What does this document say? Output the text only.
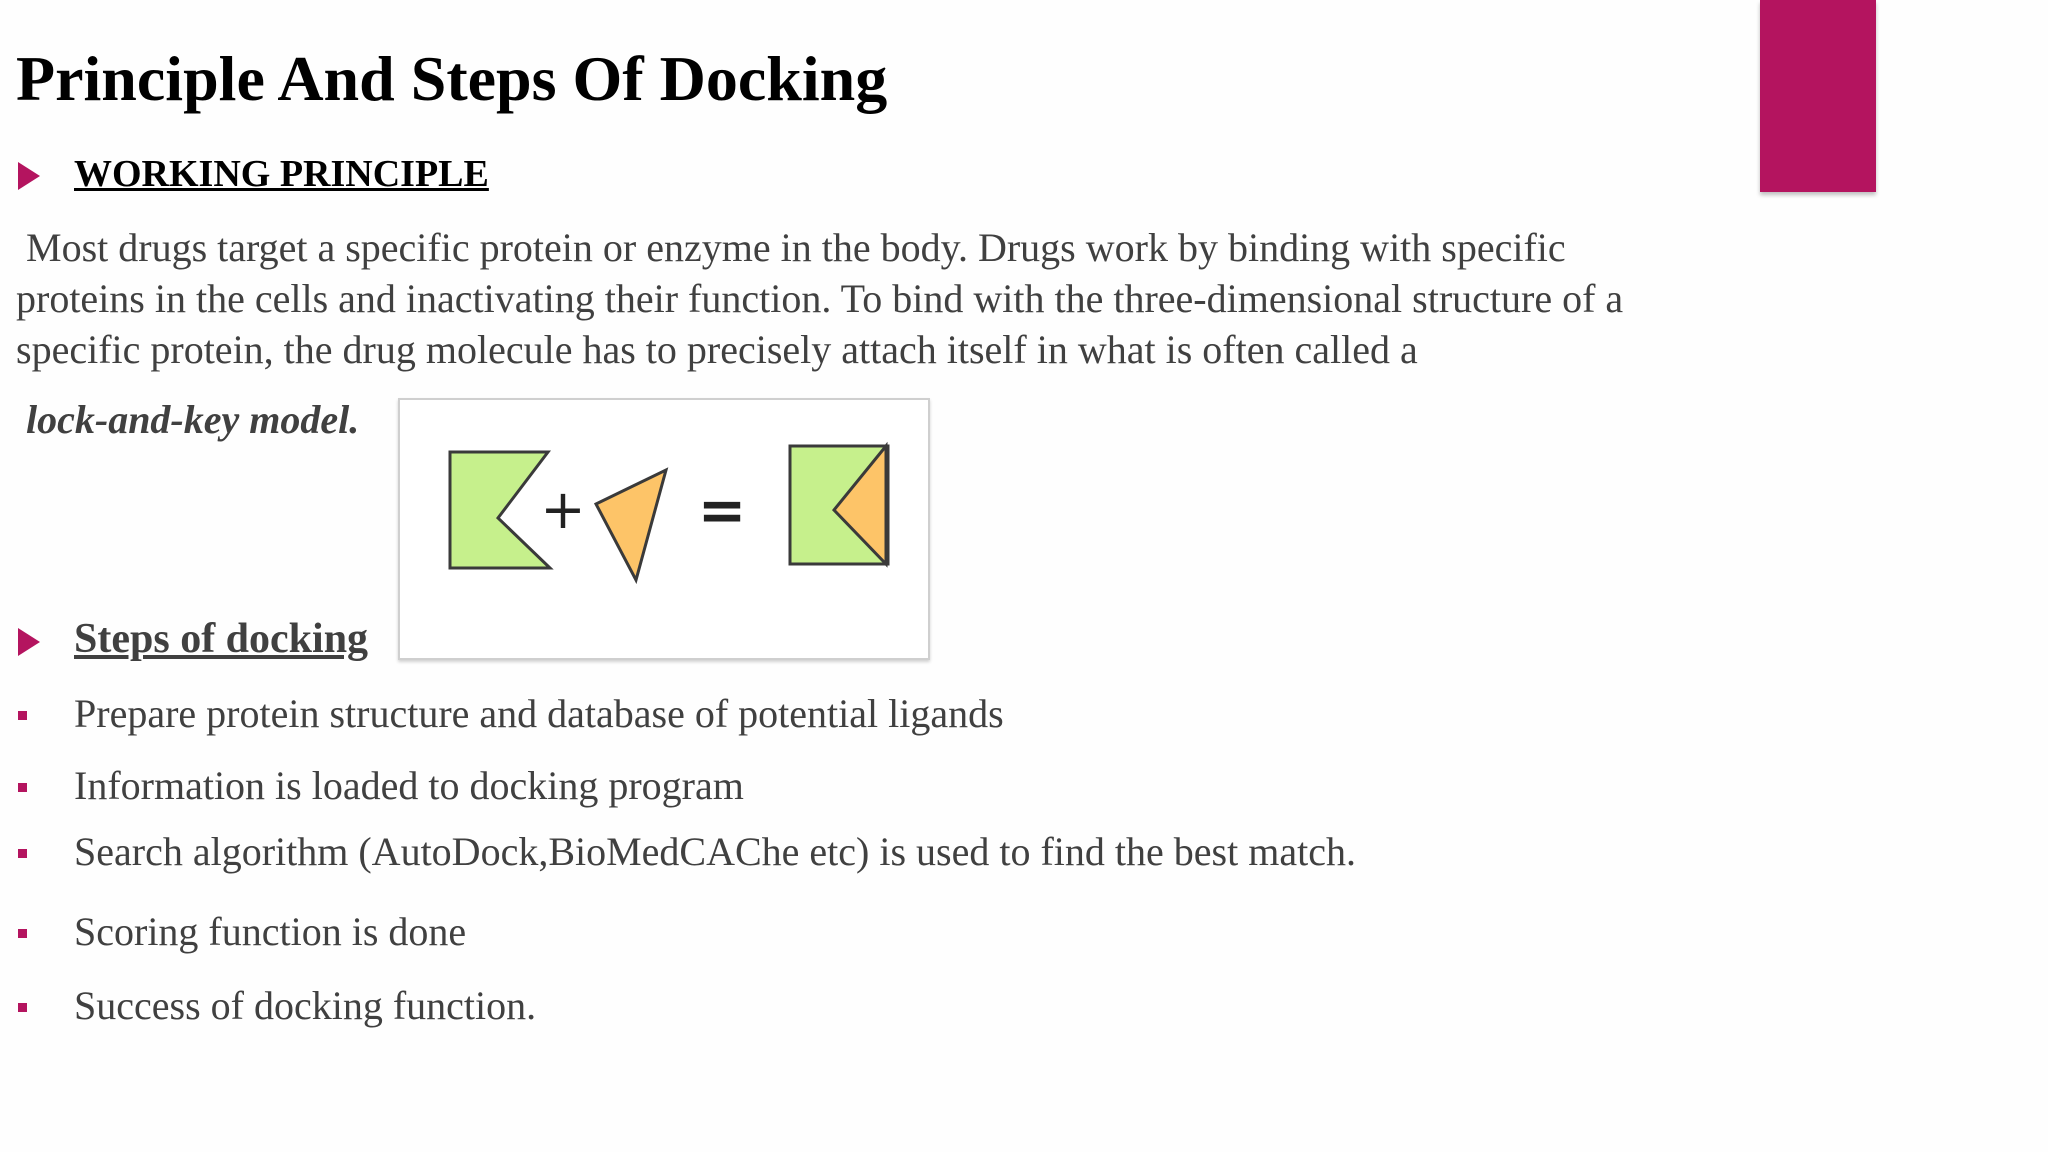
Principle And Steps Of Docking
WORKING PRINCIPLE

Most drugs target a specific protein or enzyme in the body. Drugs work by binding with specific
proteins in the cells and inactivating their function. To bind with the three-dimensional structure of a
specific protein, the drug molecule has to precisely attach itself in what is often called a

lock-and-key model.
+ =
Steps of docking
Prepare protein structure and database of potential ligands
Information is loaded to docking program
Search algorithm (AutoDock,BioMedCAChe etc) is used to find the best match.
Scoring function is done
Success of docking function.
